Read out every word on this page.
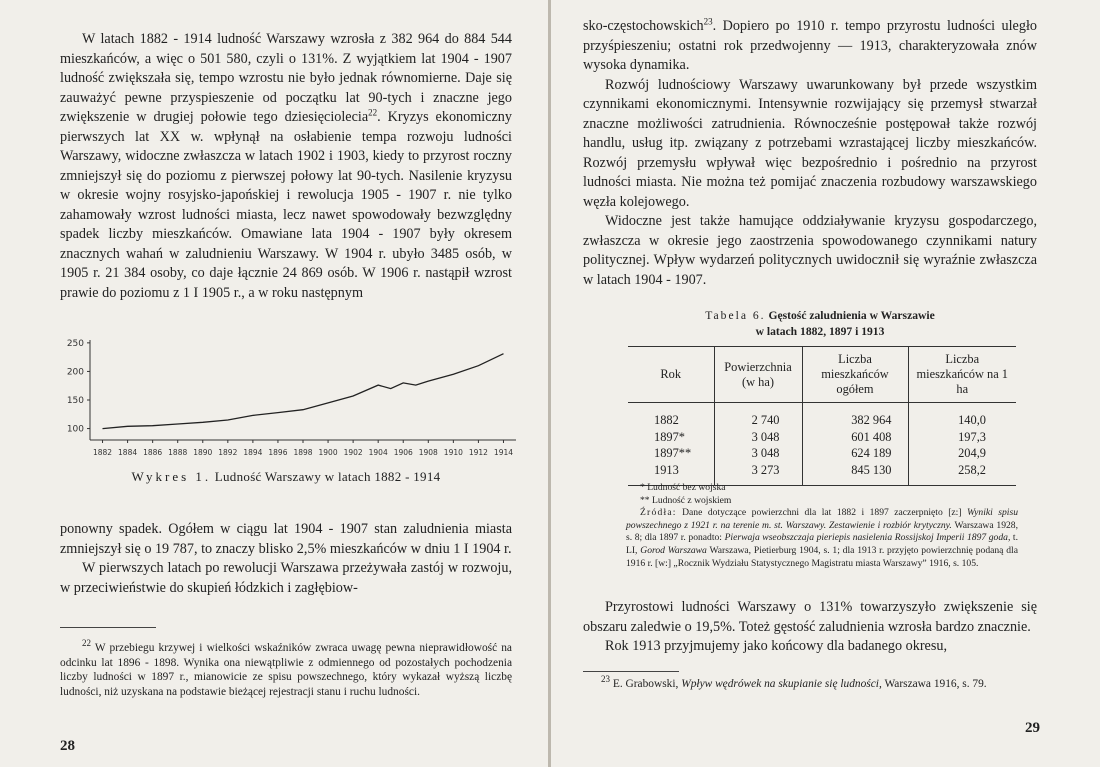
W latach 1882 - 1914 ludność Warszawy wzrosła z 382 964 do 884 544 mieszkańców, a więc o 501 580, czyli o 131%. Z wyjątkiem lat 1904 - 1907 ludność zwiększała się, tempo wzrostu nie było jednak równomierne. Daje się zauważyć pewne przyspieszenie od początku lat 90-tych i znaczne jego zwiększenie w drugiej połowie tego dziesięciolecia$^{22}$. Kryzys ekonomiczny pierwszych lat XX w. wpłynął na osłabienie tempa rozwoju ludności Warszawy, widoczne zwłaszcza w latach 1902 i 1903, kiedy to przyrost roczny zmniejszył się do poziomu z pierwszej połowy lat 90-tych. Nasilenie kryzysu w okresie wojny rosyjsko-japońskiej i rewolucja 1905 - 1907 r. nie tylko zahamowały wzrost ludności miasta, lecz nawet spowodowały bezwzględny spadek liczby mieszkańców. Omawiane lata 1904 - 1907 były okresem znacznych wahań w zaludnieniu Warszawy. W 1904 r. ubyło 3485 osób, w 1905 r. 21 384 osoby, co daje łącznie 24 869 osób. W 1906 r. nastąpił wzrost prawie do poziomu z 1 I 1905 r., a w roku następnym

100
150
200
250
1882 1884 1886 1888 1890 1892 1894 1896 1898 1900 1902 1904 1906 1908 1910 1912 1914
Wykres 1. Ludność Warszawy w latach 1882 - 1914

ponowny spadek. Ogółem w ciągu lat 1904 - 1907 stan zaludnienia miasta zmniejszył się o 19 787, to znaczy blisko 2,5% mieszkańców w dniu 1 I 1904 r.

W pierwszych latach po rewolucji Warszawa przeżywała zastój w rozwoju, w przeciwieństwie do skupień łódzkich i zagłębiow-

$^{22}$ W przebiegu krzywej i wielkości wskaźników zwraca uwagę pewna nieprawidłowość na odcinku lat 1896 - 1898. Wynika ona niewątpliwie z odmiennego od pozostałych pochodzenia liczby ludności w 1897 r., mianowicie ze spisu powszechnego, który wykazał wyższą liczbę ludności, niż uzyskana na podstawie bieżącej rejestracji stanu i ruchu ludności.
28

sko-częstochowskich$^{23}$. Dopiero po 1910 r. tempo przyrostu ludności uległo przyśpieszeniu; ostatni rok przedwojenny — 1913, charakteryzowała znów wysoka dynamika.

Rozwój ludnościowy Warszawy uwarunkowany był przede wszystkim czynnikami ekonomicznymi. Intensywnie rozwijający się przemysł stwarzał znaczne możliwości zatrudnienia. Równocześnie postępował także rozwój handlu, usług itp. związany z potrzebami wzrastającej liczby mieszkańców. Rozwój przemysłu wpływał więc bezpośrednio i pośrednio na przyrost ludności miasta. Nie można też pomijać znaczenia rozbudowy warszawskiego węzła kolejowego.

Widoczne jest także hamujące oddziaływanie kryzysu gospodarczego, zwłaszcza w okresie jego zaostrzenia spowodowanego czynnikami natury politycznej. Wpływ wydarzeń politycznych uwidocznił się wyraźnie zwłaszcza w latach 1904 - 1907.

Tabela 6. Gęstość zaludnienia w Warszawie
w latach 1882, 1897 i 1913
Rok	Powierzchnia (w ha)	Liczba mieszkańców ogółem	Liczba mieszkańców na 1 ha
1882	2 740	382 964	140,0
1897*	3 048	601 408	197,3
1897**	3 048	624 189	204,9
1913	3 273	845 130	258,2
* Ludność bez wojska
** Ludność z wojskiem
Źródła: Dane dotyczące powierzchni dla lat 1882 i 1897 zaczerpnięto [z:] Wyniki spisu powszechnego z 1921 r. na terenie m. st. Warszawy. Zestawienie i rozbiór krytyczny. Warszawa 1928, s. 8; dla 1897 r. ponadto: Pierwaja wseobszczaja pieriepis nasielenia Rossijskoj Imperii 1897 goda, t. LI, Gorod Warszawa Warszawa, Pietierburg 1904, s. 1; dla 1913 r. przyjęto powierzchnię podaną dla 1916 r. [w:] „Rocznik Wydziału Statystycznego Magistratu miasta Warszawy” 1916, s. 105.

Przyrostowi ludności Warszawy o 131% towarzyszyło zwiększenie się obszaru zaledwie o 19,5%. Toteż gęstość zaludnienia wzrosła bardzo znacznie.

Rok 1913 przyjmujemy jako końcowy dla badanego okresu,

$^{23}$ E. Grabowski, Wpływ wędrówek na skupianie się ludności, Warszawa 1916, s. 79.
29
